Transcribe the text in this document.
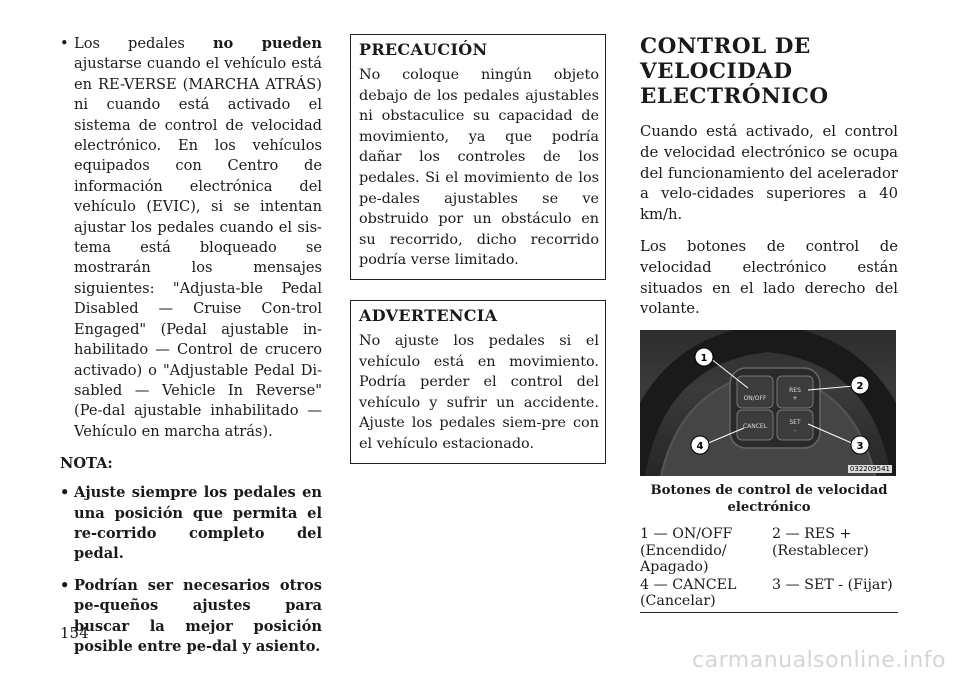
• Los pedales no pueden ajustarse cuando el vehículo está en RE-VERSE (MARCHA ATRÁS) ni cuando está activado el sistema de control de velocidad electrónico. En los vehículos equipados con Centro de información electrónica del vehículo (EVIC), si se intentan ajustar los pedales cuando el sis-tema está bloqueado se mostrarán los mensajes siguientes: "Adjusta-ble Pedal Disabled — Cruise Con-trol Engaged" (Pedal ajustable in-habilitado — Control de crucero activado) o "Adjustable Pedal Di-sabled — Vehicle In Reverse" (Pe-dal ajustable inhabilitado — Vehículo en marcha atrás).

NOTA:

• Ajuste siempre los pedales en una posición que permita el re-corrido completo del pedal.

• Podrían ser necesarios otros pe-queños ajustes para buscar la mejor posición posible entre pe-dal y asiento.

PRECAUCIÓN

No coloque ningún objeto debajo de los pedales ajustables ni obstaculice su capacidad de movimiento, ya que podría dañar los controles de los pedales. Si el movimiento de los pe-dales ajustables se ve obstruido por un obstáculo en su recorrido, dicho recorrido podría verse limitado.

ADVERTENCIA

No ajuste los pedales si el vehículo está en movimiento. Podría perder el control del vehículo y sufrir un accidente. Ajuste los pedales siem-pre con el vehículo estacionado.

CONTROL DE
VELOCIDAD
ELECTRÓNICO

Cuando está activado, el control de velocidad electrónico se ocupa del funcionamiento del acelerador a velo-cidades superiores a 40 km/h.

Los botones de control de velocidad electrónico están situados en el lado derecho del volante.

ON/OFF
RES
+
CANCEL
SET
-
1
2
3
4
032209541
Botones de control de velocidad electrónico
1 — ON/OFF (Encendido/ Apagado)
2 — RES + (Restablecer)
4 — CANCEL (Cancelar)
3 — SET - (Fijar)
154
carmanualsonline.info
